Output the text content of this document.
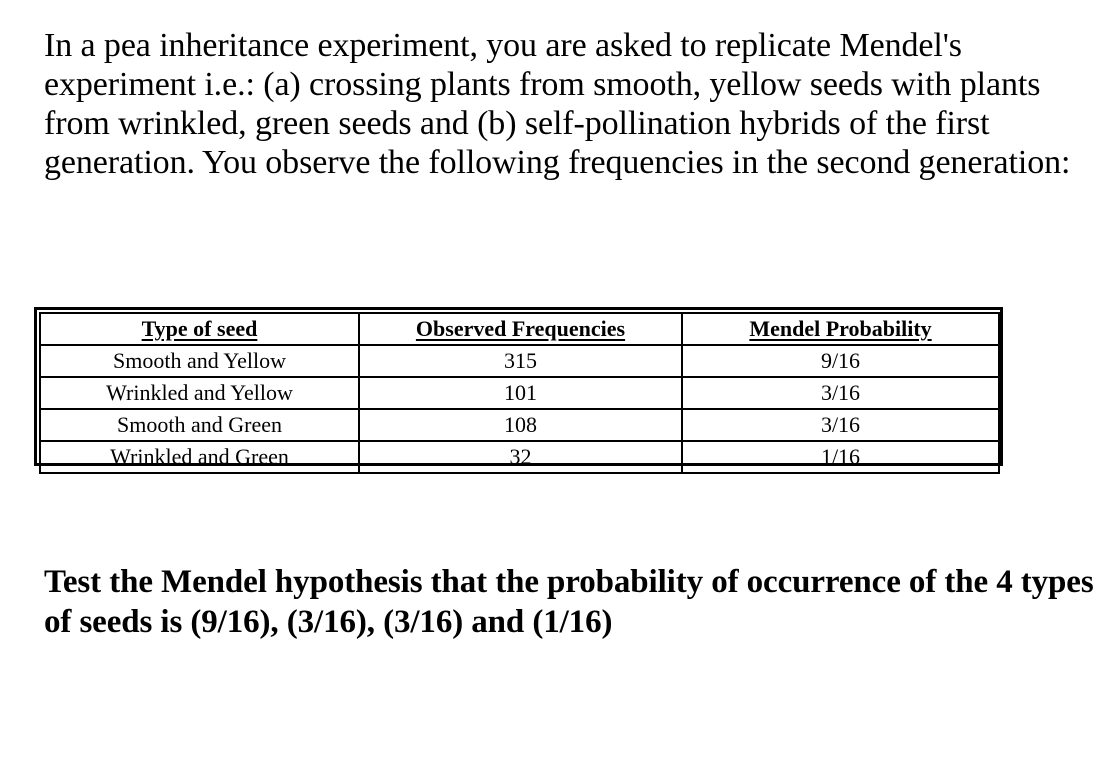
In a pea inheritance experiment, you are asked to replicate Mendel's experiment i.e.: (a) crossing plants from smooth, yellow seeds with plants from wrinkled, green seeds and (b) self-pollination hybrids of the first generation. You observe the following frequencies in the second generation:

Type of seed	Observed Frequencies	Mendel Probability
Smooth and Yellow	315	9/16
Wrinkled and Yellow	101	3/16
Smooth and Green	108	3/16
Wrinkled and Green	32	1/16

Test the Mendel hypothesis that the probability of occurrence of the 4 types of seeds is (9/16), (3/16), (3/16) and (1/16)
